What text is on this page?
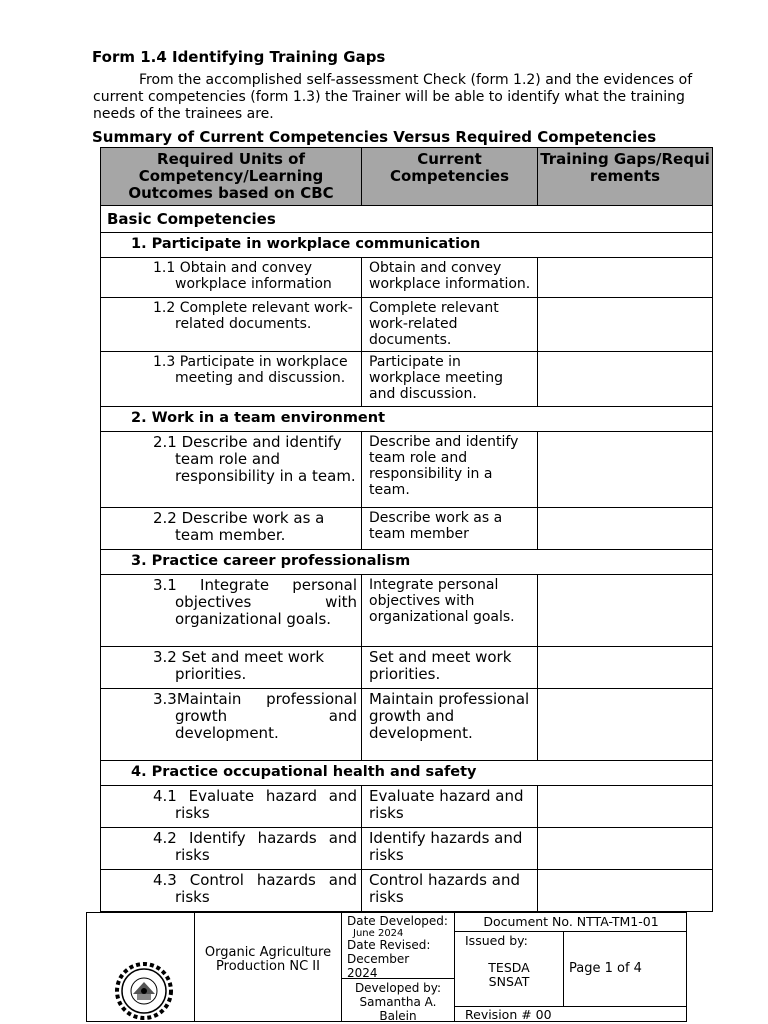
Form 1.4 Identifying Training Gaps
From the accomplished self-assessment Check (form 1.2) and the evidences of current competencies (form 1.3) the Trainer will be able to identify what the training needs of the trainees are.
Summary of Current Competencies Versus Required Competencies
Required Units of Competency/Learning Outcomes based on CBC	Current Competencies	Training Gaps/Requirements

Basic Competencies		

1. Participate in workplace communication		

1.1 Obtain and convey workplace information	Obtain and convey workplace information.	

1.2 Complete relevant work-related documents.	Complete relevant work-related documents.	

1.3 Participate in workplace meeting and discussion.	Participate in workplace meeting and discussion.	

2. Work in a team environment		

2.1 Describe and identify team role and responsibility in a team.	Describe and identify team role and responsibility in a team.	

2.2 Describe work as a team member.	Describe work as a team member	

3. Practice career professionalism		

3.1 Integrate personal objectives with organizational goals.	Integrate personal objectives with organizational goals.	

3.2 Set and meet work priorities.	Set and meet work priorities.	

3.3Maintain professional growth and development.	Maintain professional growth and development.	

4. Practice occupational health and safety		

4.1 Evaluate hazard and risks	Evaluate hazard and risks	

4.2 Identify hazards and risks	Identify hazards and risks	

4.3 Control hazards and risks	Control hazards and risks	
Organic Agriculture Production NC II
Date Developed:
June 2024
Date Revised:
December 2024
Developed by:
Samantha A. Balein
Document No. NTTA-TM1-01
Issued by:
TESDA SNSAT
Page 1 of 4
Revision # 00
